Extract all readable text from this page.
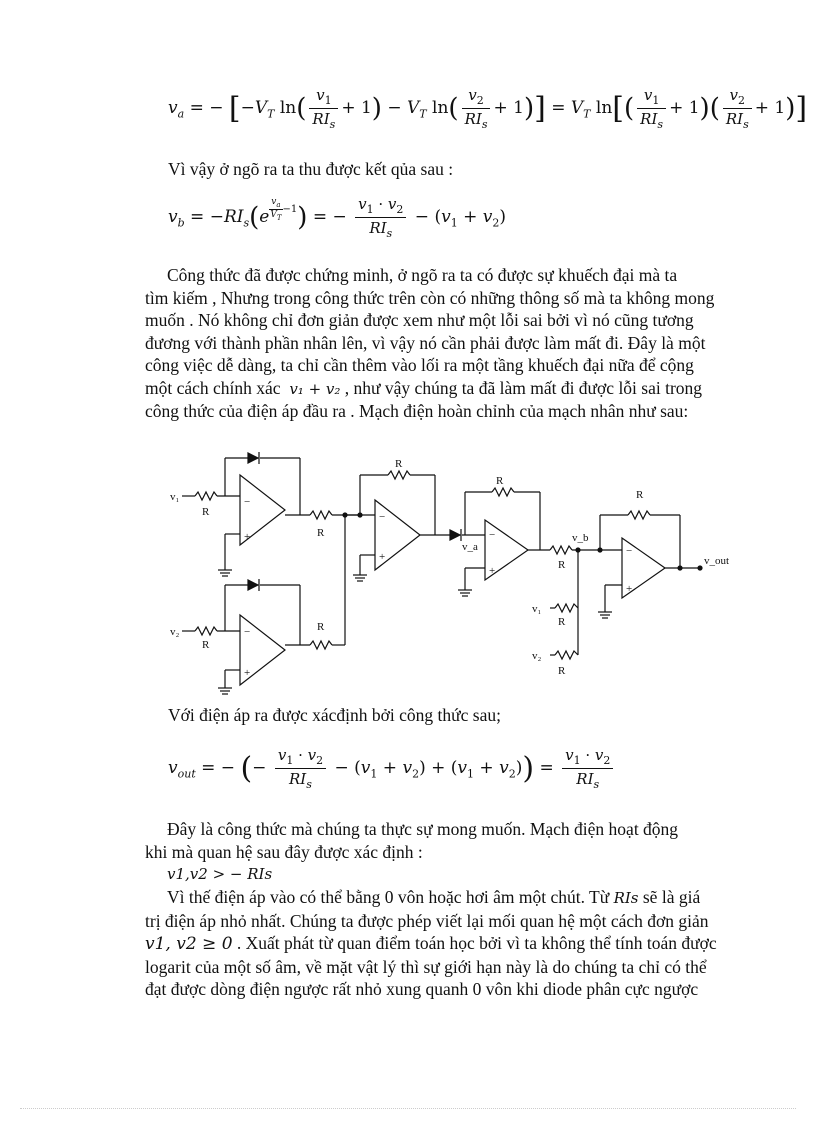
$v_a$ = − [$-V_T$ $\ln( \frac{v_1}{RI_s} + 1) - V_T$ $\ln( \frac{v_2}{RI_s} + 1)] = V_T$ $\ln[( \frac{v_1}{RI_s} + 1)( \frac{v_2}{RI_s} + 1)]$
Vì vậy ở ngõ ra ta thu được kết qủa sau :
$v_b = -RI_s(e$ $^{\frac{v_a}{V_T} -1}$) = − $\frac{v_1 \cdot v_2}{RI_s} - (v_1 + v_2)$
Công thức đã được chứng minh, ở ngõ ra ta có được sự khuếch đại mà ta
tìm kiếm , Nhưng trong công thức trên còn có những thông số mà ta không mong
muốn . Nó không chỉ đơn giản được xem như một lỗi sai bởi vì nó cũng tương
đương với thành phần nhân lên, vì vậy nó cần phải được làm mất đi. Đây là một
công việc dễ dàng, ta chỉ cần thêm vào lối ra một tầng khuếch đại nữa để cộng
một cách chính xác v₁ + v₂ , như vậy chúng ta đã làm mất đi được lỗi sai trong
công thức của điện áp đầu ra . Mạch điện hoàn chỉnh của mạch nhân như sau:
v₁
R
−
+	R
v₂
R
−
+
R
R
−
+
R
v_a
−
+	R
v_b
R
−
+
v_out
v₁
R
v₂
R
Với điện áp ra được xácđịnh bởi công thức sau;
$v_{out}$ = − (− $\frac{v_1 \cdot v_2}{RI_s} - (v_1 + v_2) + (v_1 + v_2)) = \frac{v_1 \cdot v_2}{RI_s}$
Đây là công thức mà chúng ta thực sự mong muốn. Mạch điện hoạt động
khi mà quan hệ sau đây được xác định :
v1,v2 > − RIs
Vì thế điện áp vào có thể bằng 0 vôn hoặc hơi âm một chút. Từ RIs sẽ là giá
trị điện áp nhỏ nhất. Chúng ta được phép viết lại mối quan hệ một cách đơn giản
v1, v2 ≥ 0 . Xuất phát từ quan điểm toán học bởi vì ta không thể tính toán được
logarit của một số âm, về mặt vật lý thì sự giới hạn này là do chúng ta chỉ có thể
đạt được dòng điện ngược rất nhỏ xung quanh 0 vôn khi diode phân cực ngược
